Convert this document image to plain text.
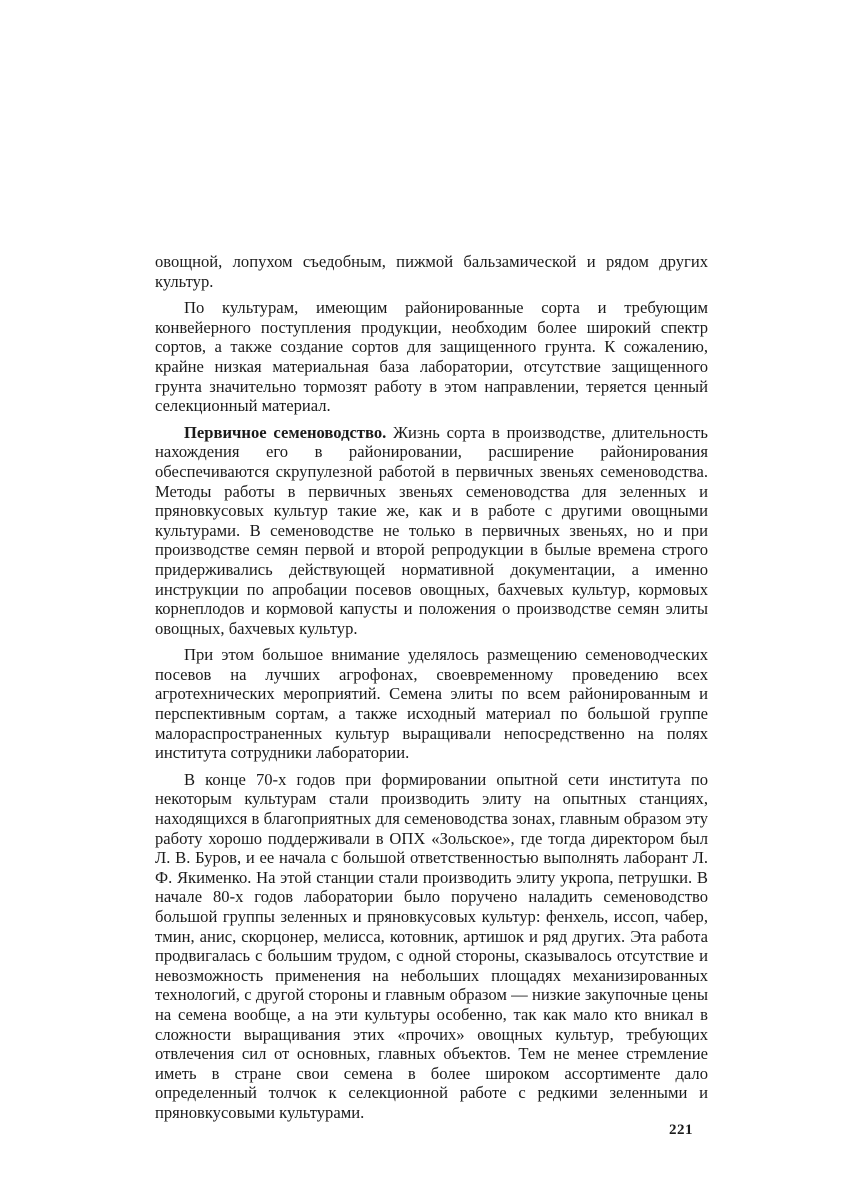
овощной, лопухом съедобным, пижмой бальзамической и рядом других культур.

По культурам, имеющим районированные сорта и требующим конвейерного поступления продукции, необходим более широкий спектр сортов, а также создание сортов для защищенного грунта. К сожалению, крайне низкая материальная база лаборатории, отсутствие защищенного грунта значительно тормозят работу в этом направлении, теряется ценный селекционный материал.

Первичное семеноводство. Жизнь сорта в производстве, длительность нахождения его в районировании, расширение районирования обеспечиваются скрупулезной работой в первичных звеньях семеноводства. Методы работы в первичных звеньях семеноводства для зеленных и пряновкусовых культур такие же, как и в работе с другими овощными культурами. В семеноводстве не только в первичных звеньях, но и при производстве семян первой и второй репродукции в былые времена строго придерживались действующей нормативной документации, а именно инструкции по апробации посевов овощных, бахчевых культур, кормовых корнеплодов и кормовой капусты и положения о производстве семян элиты овощных, бахчевых культур.

При этом большое внимание уделялось размещению семеноводческих посевов на лучших агрофонах, своевременному проведению всех агротехнических мероприятий. Семена элиты по всем районированным и перспективным сортам, а также исходный материал по большой группе малораспространенных культур выращивали непосредственно на полях института сотрудники лаборатории.

В конце 70-х годов при формировании опытной сети института по некоторым культурам стали производить элиту на опытных станциях, находящихся в благоприятных для семеноводства зонах, главным образом эту работу хорошо поддерживали в ОПХ «Зольское», где тогда директором был Л. В. Буров, и ее начала с большой ответственностью выполнять лаборант Л. Ф. Якименко. На этой станции стали производить элиту укропа, петрушки. В начале 80-х годов лаборатории было поручено наладить семеноводство большой группы зеленных и пряновкусовых культур: фенхель, иссоп, чабер, тмин, анис, скорцонер, мелисса, котовник, артишок и ряд других. Эта работа продвигалась с большим трудом, с одной стороны, сказывалось отсутствие и невозможность применения на небольших площадях механизированных технологий, с другой стороны и главным образом — низкие закупочные цены на семена вообще, а на эти культуры особенно, так как мало кто вникал в сложности выращивания этих «прочих» овощных культур, требующих отвлечения сил от основных, главных объектов. Тем не менее стремление иметь в стране свои семена в более широком ассортименте дало определенный толчок к селекционной работе с редкими зеленными и пряновкусовыми культурами.

221
